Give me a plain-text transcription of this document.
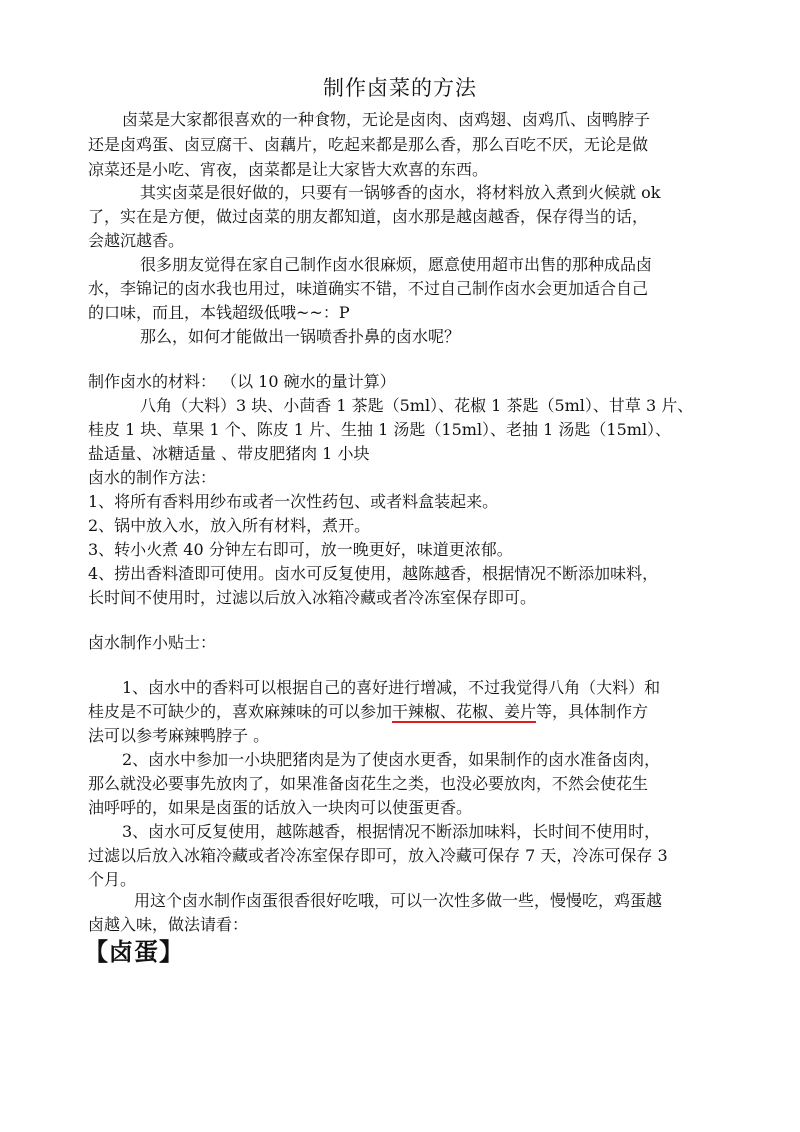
制作卤菜的方法
卤菜是大家都很喜欢的一种食物，无论是卤肉、卤鸡翅、卤鸡爪、卤鸭脖子
还是卤鸡蛋、卤豆腐干、卤藕片，吃起来都是那么香，那么百吃不厌，无论是做
凉菜还是小吃、宵夜，卤菜都是让大家皆大欢喜的东西。
其实卤菜是很好做的，只要有一锅够香的卤水，将材料放入煮到火候就 ok
了，实在是方便，做过卤菜的朋友都知道，卤水那是越卤越香，保存得当的话，
会越沉越香。
很多朋友觉得在家自己制作卤水很麻烦，愿意使用超市出售的那种成品卤
水，李锦记的卤水我也用过，味道确实不错，不过自己制作卤水会更加适合自己
的口味，而且，本钱超级低哦~~：P
那么，如何才能做出一锅喷香扑鼻的卤水呢？
制作卤水的材料： （以 10 碗水的量计算）
八角（大料）3 块、小茴香 1 茶匙（5ml）、花椒 1 茶匙（5ml）、甘草 3 片、
桂皮 1 块、草果 1 个、陈皮 1 片、生抽 1 汤匙（15ml）、老抽 1 汤匙（15ml）、
盐适量、冰糖适量 、带皮肥猪肉 1 小块
卤水的制作方法：
1、将所有香料用纱布或者一次性药包、或者料盒装起来。
2、锅中放入水，放入所有材料，煮开。
3、转小火煮 40 分钟左右即可，放一晚更好，味道更浓郁。
4、捞出香料渣即可使用。卤水可反复使用，越陈越香，根据情况不断添加味料，
长时间不使用时，过滤以后放入冰箱冷藏或者冷冻室保存即可。
卤水制作小贴士：
1、卤水中的香料可以根据自己的喜好进行增减，不过我觉得八角（大料）和
桂皮是不可缺少的，喜欢麻辣味的可以参加干辣椒、花椒、姜片等，具体制作方
法可以参考麻辣鸭脖子 。
2、卤水中参加一小块肥猪肉是为了使卤水更香，如果制作的卤水准备卤肉，
那么就没必要事先放肉了，如果准备卤花生之类，也没必要放肉，不然会使花生
油呼呼的，如果是卤蛋的话放入一块肉可以使蛋更香。
3、卤水可反复使用，越陈越香，根据情况不断添加味料，长时间不使用时，
过滤以后放入冰箱冷藏或者冷冻室保存即可，放入冷藏可保存 7 天，冷冻可保存 3
个月。
用这个卤水制作卤蛋很香很好吃哦，可以一次性多做一些，慢慢吃，鸡蛋越
卤越入味，做法请看：
【卤蛋】
